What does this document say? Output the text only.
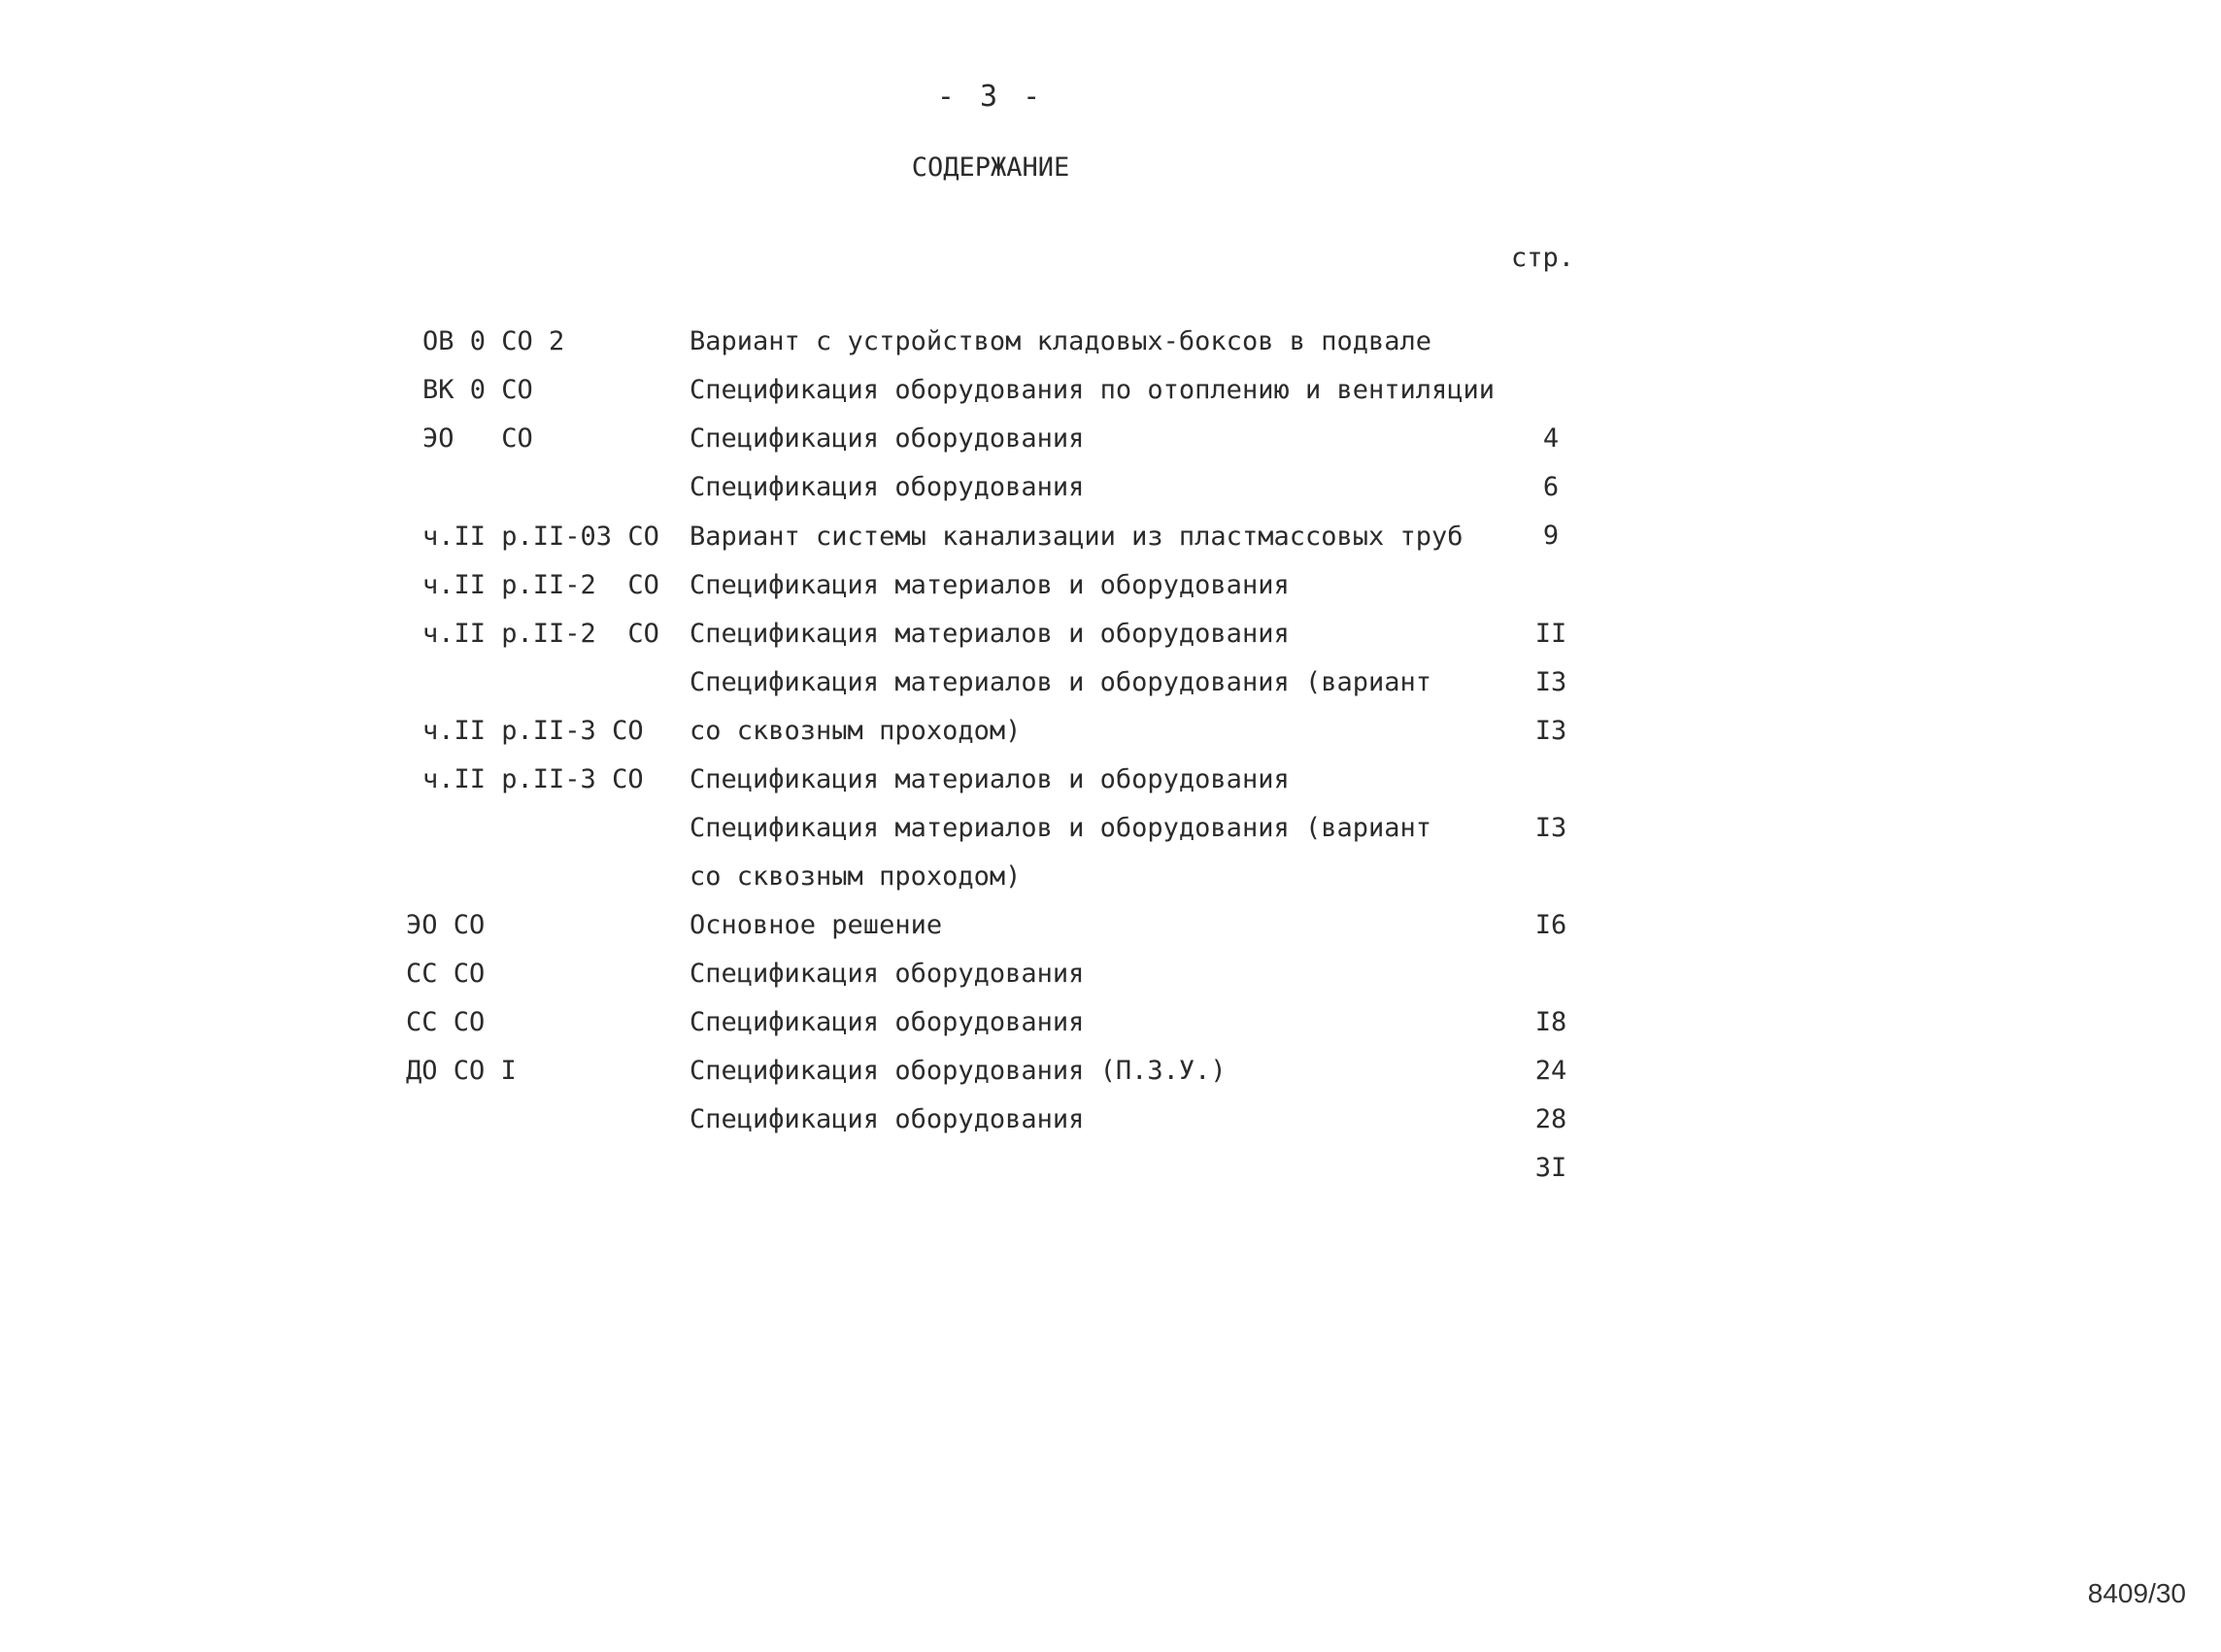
- 3 -
СОДЕРЖАНИЕ
стр.

Вариант с устройством кладовых-боксов в подвале

ОВ 0 СО 2

Спецификация оборудования по отоплению и вентиляции

4

ВК 0 СО

Спецификация оборудования

6

ЭО   СО

Спецификация оборудования

9

Вариант системы канализации из пластмассовых труб

ч.II р.II-03 СО

Спецификация материалов и оборудования

II

ч.II р.II-2  СО

Спецификация материалов и оборудования

I3

ч.II р.II-2  СО

Спецификация материалов и оборудования (вариант

I3

со сквозным проходом)

ч.II р.II-3 СО

Спецификация материалов и оборудования

I3

ч.II р.II-3 СО

Спецификация материалов и оборудования (вариант

со сквозным проходом)

I6

Основное решение

ЭО СО

Спецификация оборудования

I8

СС СО

Спецификация оборудования

24

СС СО

Спецификация оборудования (П.З.У.)

28

ДО СО I

Спецификация оборудования

3I

8409/30
